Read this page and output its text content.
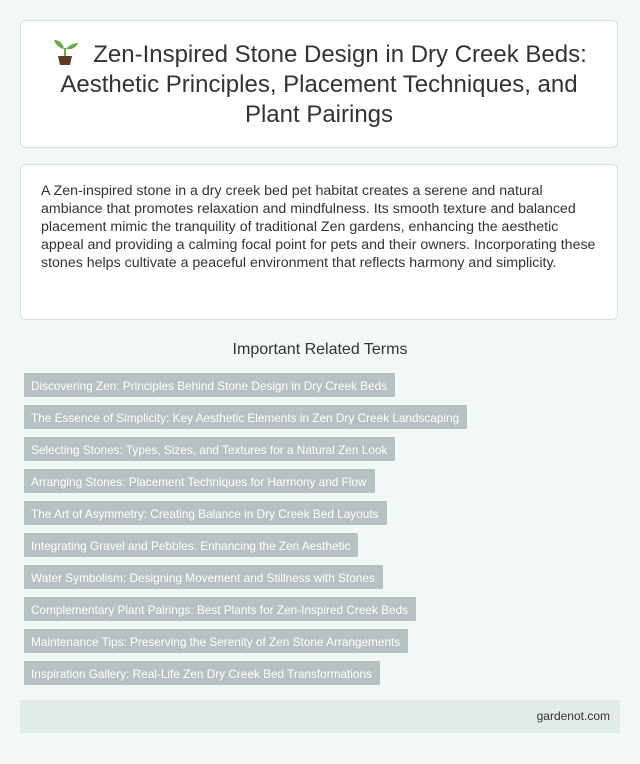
Zen-Inspired Stone Design in Dry Creek Beds: Aesthetic Principles, Placement Techniques, and Plant Pairings

A Zen-inspired stone in a dry creek bed pet habitat creates a serene and natural ambiance that promotes relaxation and mindfulness. Its smooth texture and balanced placement mimic the tranquility of traditional Zen gardens, enhancing the aesthetic appeal and providing a calming focal point for pets and their owners. Incorporating these stones helps cultivate a peaceful environment that reflects harmony and simplicity.

Important Related Terms
Discovering Zen: Principles Behind Stone Design in Dry Creek Beds
The Essence of Simplicity: Key Aesthetic Elements in Zen Dry Creek Landscaping
Selecting Stones: Types, Sizes, and Textures for a Natural Zen Look
Arranging Stones: Placement Techniques for Harmony and Flow
The Art of Asymmetry: Creating Balance in Dry Creek Bed Layouts
Integrating Gravel and Pebbles: Enhancing the Zen Aesthetic
Water Symbolism: Designing Movement and Stillness with Stones
Complementary Plant Pairings: Best Plants for Zen-Inspired Creek Beds
Maintenance Tips: Preserving the Serenity of Zen Stone Arrangements
Inspiration Gallery: Real-Life Zen Dry Creek Bed Transformations
gardenot.com
